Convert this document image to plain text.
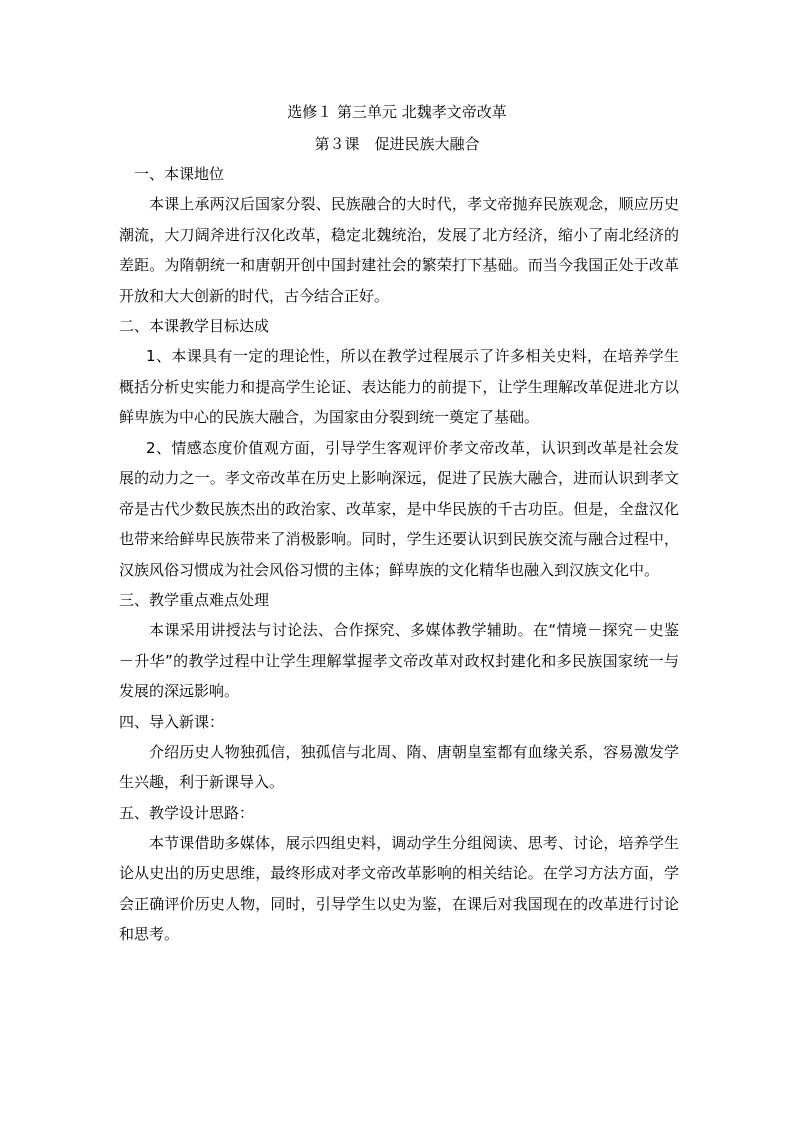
选修１ 第三单元 北魏孝文帝改革
第３课　促进民族大融合
一、本课地位

本课上承两汉后国家分裂、民族融合的大时代，孝文帝抛弃民族观念，顺应历史潮流，大刀阔斧进行汉化改革，稳定北魏统治，发展了北方经济，缩小了南北经济的差距。为隋朝统一和唐朝开创中国封建社会的繁荣打下基础。而当今我国正处于改革开放和大大创新的时代，古今结合正好。

二、本课教学目标达成

1、本课具有一定的理论性，所以在教学过程展示了许多相关史料，在培养学生概括分析史实能力和提高学生论证、表达能力的前提下，让学生理解改革促进北方以鲜卑族为中心的民族大融合，为国家由分裂到统一奠定了基础。

2、情感态度价值观方面，引导学生客观评价孝文帝改革，认识到改革是社会发展的动力之一。孝文帝改革在历史上影响深远，促进了民族大融合，进而认识到孝文帝是古代少数民族杰出的政治家、改革家，是中华民族的千古功臣。但是，全盘汉化也带来给鲜卑民族带来了消极影响。同时，学生还要认识到民族交流与融合过程中，汉族风俗习惯成为社会风俗习惯的主体；鲜卑族的文化精华也融入到汉族文化中。

三、教学重点难点处理

本课采用讲授法与讨论法、合作探究、多媒体教学辅助。在“情境－探究－史鉴－升华”的教学过程中让学生理解掌握孝文帝改革对政权封建化和多民族国家统一与发展的深远影响。

四、导入新课：

介绍历史人物独孤信，独孤信与北周、隋、唐朝皇室都有血缘关系，容易激发学生兴趣，利于新课导入。

五、教学设计思路：

本节课借助多媒体，展示四组史料，调动学生分组阅读、思考、讨论，培养学生论从史出的历史思维，最终形成对孝文帝改革影响的相关结论。在学习方法方面，学会正确评价历史人物，同时，引导学生以史为鉴，在课后对我国现在的改革进行讨论和思考。
